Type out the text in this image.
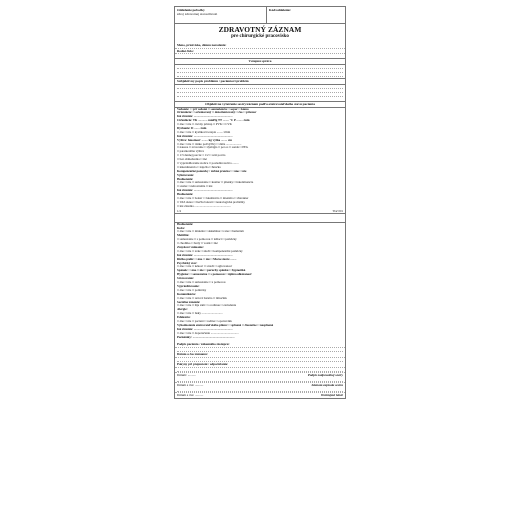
Oddelenie pobočky
zdroj zdravotnej starostlivosti
Kód/oddelenie:
ZDRAVOTNÝ ZÁZNAM
pre chirurgické pracovisko
Meno, priezvisko, dátum narodenia:
Rodné číslo:
Vstupná správa
Subjektívny popis problému / pacientovi problém
Objektívne vyšetrenie sestry/záznam podľa ošetrovateľského stavu pacienta
Vedomie: □ pri vedomí □ somnolencia □ sopor □ kóma
Orientácia: □ orientovaný □ dezorientovaný □ čas □ priestor
Iné zistenia: ..................................................
Cirkulácia: TK ............ mmHg TT ........ °C P ........ /min
□ áno □ nie □ cievny prístup □ PVK □ CVK
Dýchanie: D ....... /min
□ áno □ nie □ kyslíková terapia ........ l/min
Iné zistenia: ..................................................
Výživa: hmotnosť ........ kg výška ........ cm
□ áno □ nie □ riziko podvýživy □ diéta ....................
□ nauzea □ zvracanie □ dysfágia □ per os □ sonda □ PEG
□ parenterálna výživa
□ 1/3 dennej porcie □ 1/2 □ celá porcia
□ bez obmedzenia □ iné
□ vyprázdňovanie stolice □ posledná stolica ........
□ inkontinencia □ zápcha □ hnačka
Kompenzačné pomôcky / zubná protéza: □ áno □ nie
Vylučovanie:
Hodnotenie:
□ áno □ nie □ samostatne □ katéter □ plienky □ inkontinencia
□ stoma □ nefrostómia □ iné
Iné zistenia: ..................................................
Hodnotenie:
□ áno □ nie □ bolesť □ lokalizácia □ intenzita □ charakter
□ VAS skóre □ liečba bolesti □ neurologické problémy
□ iné zistenia ...............................................
1/4	Tlač 001
Hodnotenie:
Koža:
□ áno □ nie □ intaktná □ dekubitus □ rana □ hematóm
Mobilita:
□ samostatne □ s pomocou □ ležiaci □ pomôcky
□ chodítko □ barly □ vozík □ iné
Zmyslové vnímanie:
□ áno □ nie □ zrak □ sluch □ kompenzačné pomôcky
Iné zistenia: ..................................................
Riziko pádu: □ áno □ nie □ Morse skóre ........
Psychický stav:
□ áno □ nie □ úzkosť □ strach □ agitovanosť
Spánok: □ áno □ nie □ poruchy spánku □ hypnotiká
Hygiena: □ samostatne □ s pomocou □ úplná odkázanosť
Stravovanie:
□ áno □ nie □ samostatne □ s pomocou
Vyprázdňovanie:
□ áno □ nie □ pomôcky
Komunikácia:
□ áno □ nie □ rečová bariéra □ tlmočník
Sociálne zázemie:
□ áno □ nie □ žije sám □ s rodinou □ zariadenie
Alergie:
□ áno □ nie □ lieky ...........................
Edukácia:
□ áno □ nie □ pacient □ rodina □ opatrovník
Vyhodnotenie ošetrovateľského plánu: □ splnené □ čiastočne □ nesplnené
Iné zistenia: ..................................................
□ áno □ nie □ doporučenie ....................................
Poznámky: ......................................................
Podpis pacienta / zákonného zástupcu:
Dátum a čas záznamu:
Pokyny pri prepustení / odporúčania:
Dátum: ..........	Podpis zodpovednej sestry
Dátum a čas: ..........	Záznam zapísala sestra
Dátum a čas: ..........	Ošetrujúci lekár
